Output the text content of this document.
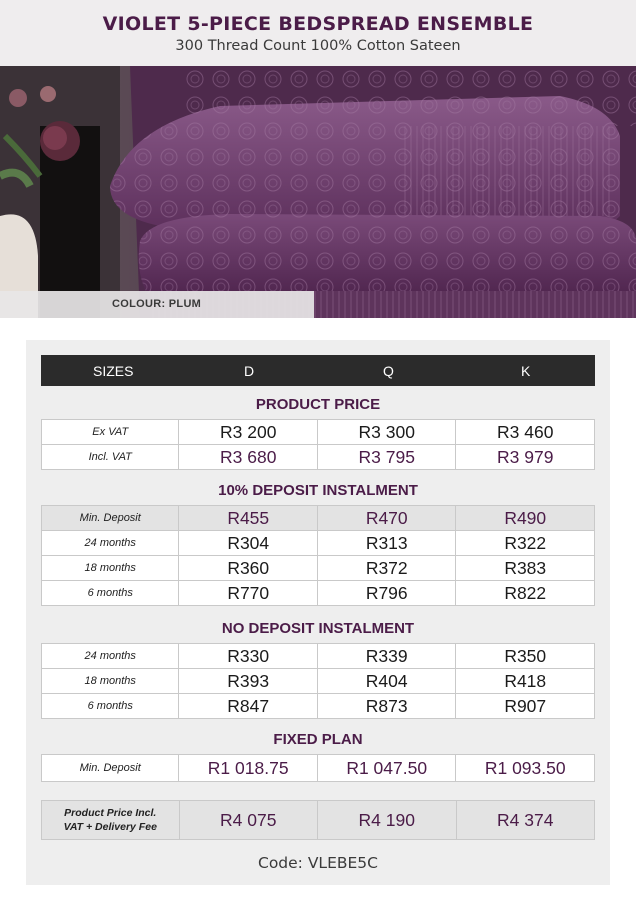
VIOLET 5-PIECE BEDSPREAD ENSEMBLE
300 Thread Count 100% Cotton Sateen
COLOUR: PLUM
SIZES	D	Q	K
PRODUCT PRICE
Ex VAT	R3 200	R3 300	R3 460
Incl. VAT	R3 680	R3 795	R3 979
10% DEPOSIT INSTALMENT
Min. Deposit	R455	R470	R490
24 months	R304	R313	R322
18 months	R360	R372	R383
6 months	R770	R796	R822
NO DEPOSIT INSTALMENT
24 months	R330	R339	R350
18 months	R393	R404	R418
6 months	R847	R873	R907
FIXED PLAN
Min. Deposit	R1 018.75	R1 047.50	R1 093.50
Product Price Incl.
VAT + Delivery Fee	R4 075	R4 190	R4 374
Code: VLEBE5C
